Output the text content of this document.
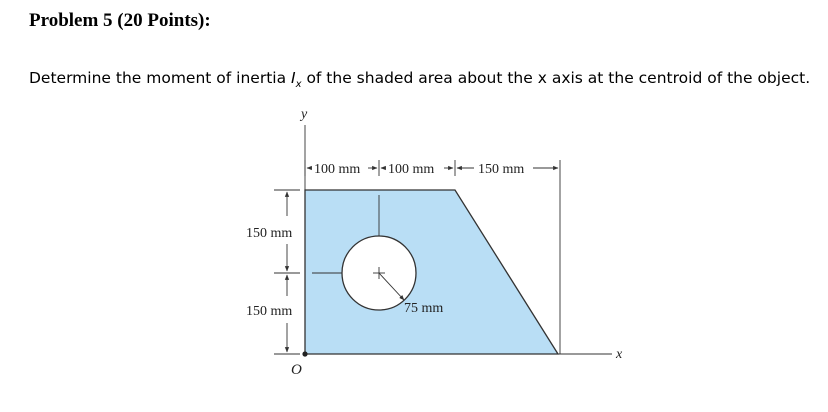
Problem 5 (20 Points):
Determine the moment of inertia $I_x$ of the shaded area about the x axis at the centroid of the object.
75 mm
y
x
O
100 mm 100 mm	150 mm
150 mm
150 mm
